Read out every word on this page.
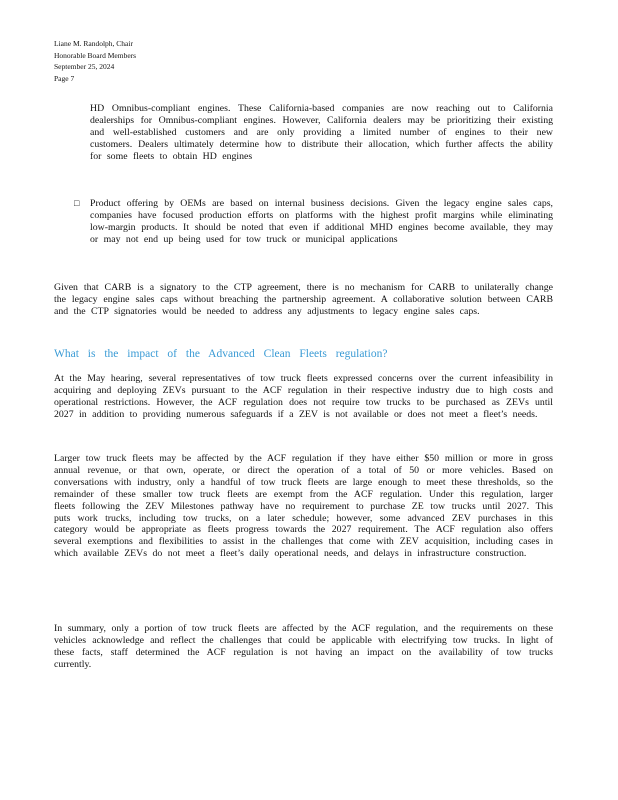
Liane M. Randolph, Chair
Honorable Board Members
September 25, 2024
Page 7

HD Omnibus-compliant engines. These California-based companies are now reaching out to California dealerships for Omnibus-compliant engines. However, California dealers may be prioritizing their existing and well-established customers and are only providing a limited number of engines to their new customers. Dealers ultimately determine how to distribute their allocation, which further affects the ability for some fleets to obtain HD engines

□ Product offering by OEMs are based on internal business decisions. Given the legacy engine sales caps, companies have focused production efforts on platforms with the highest profit margins while eliminating low-margin products. It should be noted that even if additional MHD engines become available, they may or may not end up being used for tow truck or municipal applications

Given that CARB is a signatory to the CTP agreement, there is no mechanism for CARB to unilaterally change the legacy engine sales caps without breaching the partnership agreement. A collaborative solution between CARB and the CTP signatories would be needed to address any adjustments to legacy engine sales caps.

What is the impact of the Advanced Clean Fleets regulation?

At the May hearing, several representatives of tow truck fleets expressed concerns over the current infeasibility in acquiring and deploying ZEVs pursuant to the ACF regulation in their respective industry due to high costs and operational restrictions. However, the ACF regulation does not require tow trucks to be purchased as ZEVs until 2027 in addition to providing numerous safeguards if a ZEV is not available or does not meet a fleet’s needs.

Larger tow truck fleets may be affected by the ACF regulation if they have either $50 million or more in gross annual revenue, or that own, operate, or direct the operation of a total of 50 or more vehicles. Based on conversations with industry, only a handful of tow truck fleets are large enough to meet these thresholds, so the remainder of these smaller tow truck fleets are exempt from the ACF regulation. Under this regulation, larger fleets following the ZEV Milestones pathway have no requirement to purchase ZE tow trucks until 2027. This puts work trucks, including tow trucks, on a later schedule; however, some advanced ZEV purchases in this category would be appropriate as fleets progress towards the 2027 requirement. The ACF regulation also offers several exemptions and flexibilities to assist in the challenges that come with ZEV acquisition, including cases in which available ZEVs do not meet a fleet’s daily operational needs, and delays in infrastructure construction.

In summary, only a portion of tow truck fleets are affected by the ACF regulation, and the requirements on these vehicles acknowledge and reflect the challenges that could be applicable with electrifying tow trucks. In light of these facts, staff determined the ACF regulation is not having an impact on the availability of tow trucks currently.
